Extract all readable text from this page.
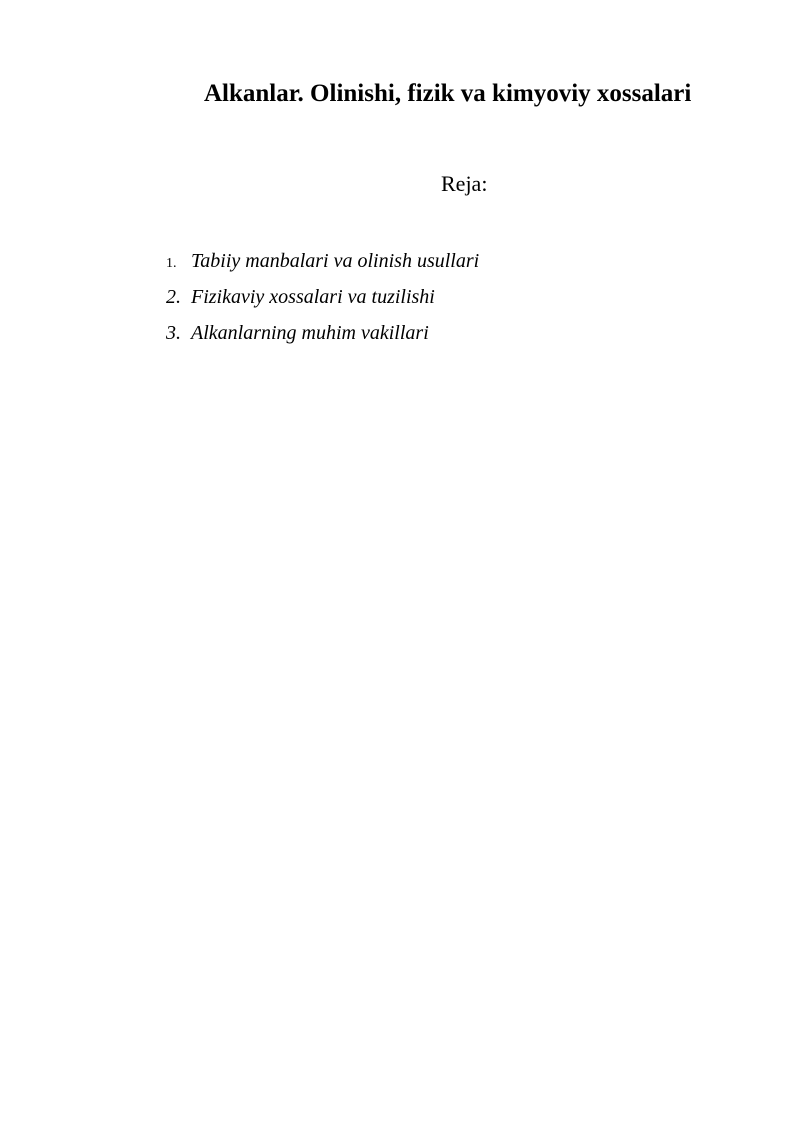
Alkanlar. Olinishi, fizik va kimyoviy xossalari
Reja:
1. Tabiiy manbalari va olinish usullari
2. Fizikaviy xossalari va tuzilishi
3. Alkanlarning muhim vakillari
